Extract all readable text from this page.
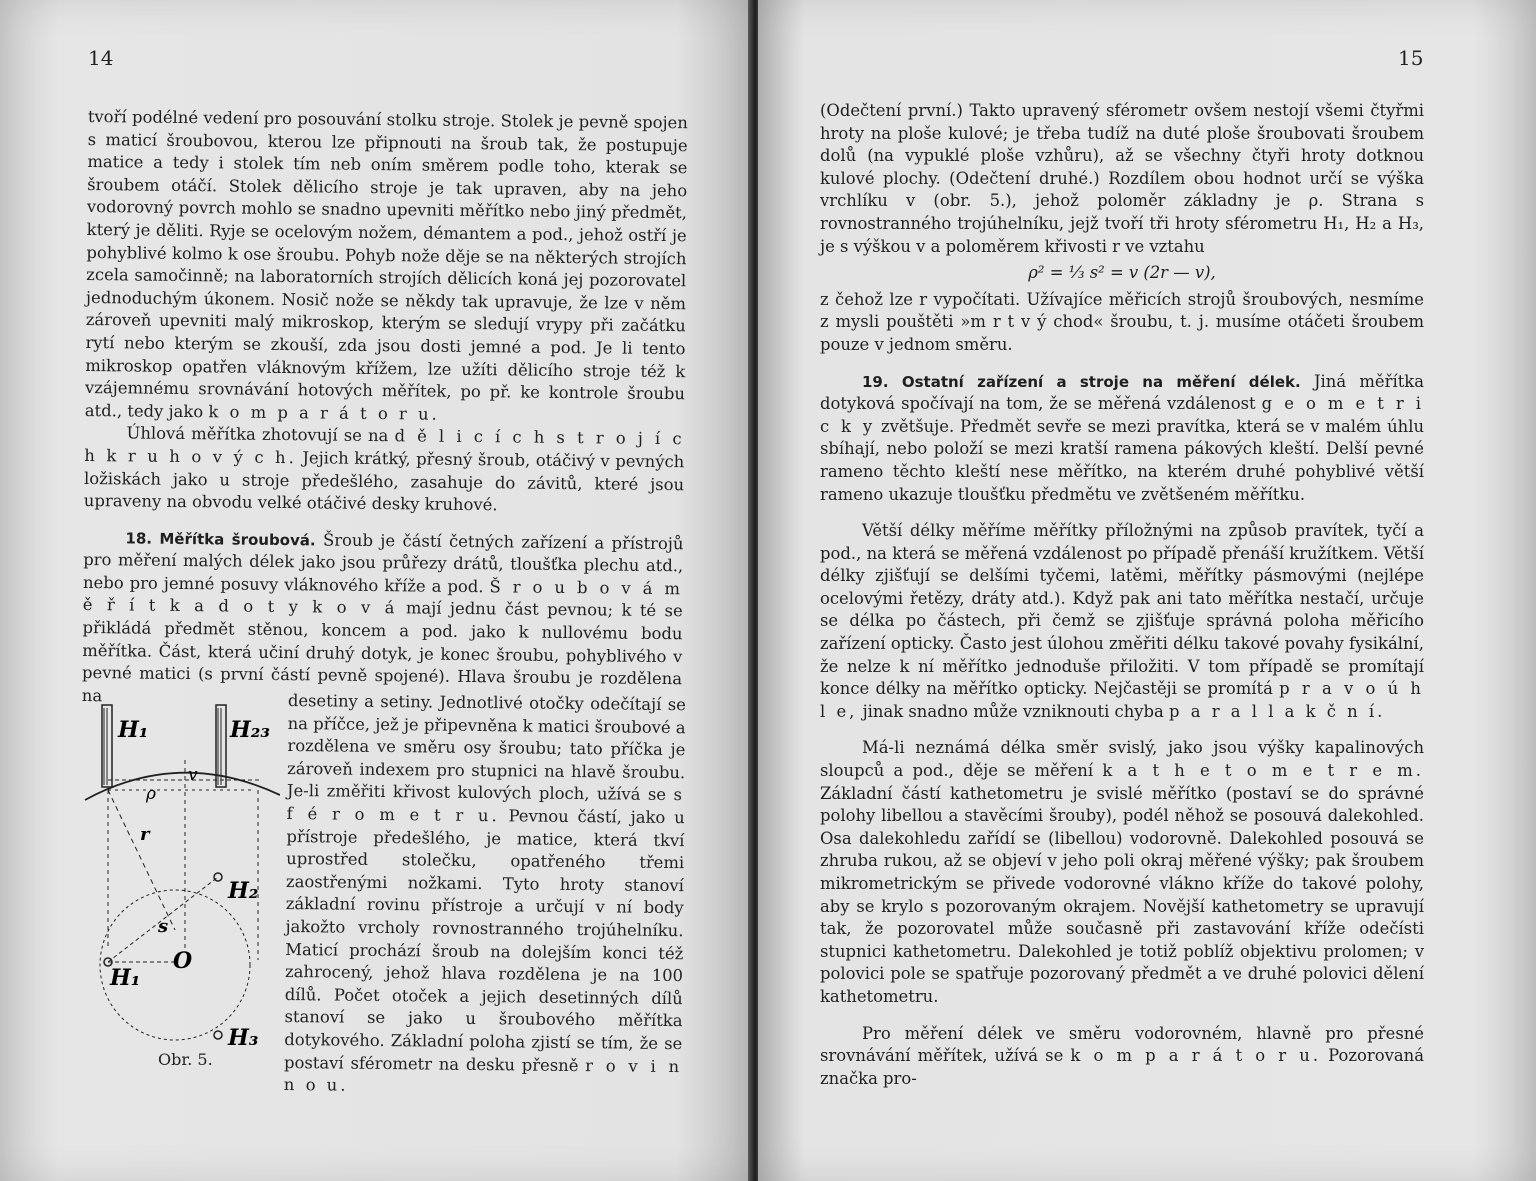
14

tvoří podélné vedení pro posouvání stolku stroje. Stolek je pevně spojen s maticí šroubovou, kterou lze připnouti na šroub tak, že postupuje matice a tedy i stolek tím neb oním směrem podle toho, kterak se šroubem otáčí. Stolek dělicího stroje je tak upraven, aby na jeho vodorovný povrch mohlo se snadno upevniti měřítko nebo jiný předmět, který je děliti. Ryje se ocelovým nožem, démantem a pod., jehož ostří je pohyblivé kolmo k ose šroubu. Pohyb nože děje se na některých strojích zcela samočinně; na laboratorních strojích dělicích koná jej pozorovatel jednoduchým úkonem. Nosič nože se někdy tak upravuje, že lze v něm zároveň upevniti malý mikroskop, kterým se sledují vrypy při začátku rytí nebo kterým se zkouší, zda jsou dosti jemné a pod. Je li tento mikroskop opatřen vláknovým křížem, lze užíti dělicího stroje též k vzájemnému srovnávání hotových měřítek, po př. ke kontrole šroubu atd., tedy jako k o m p a r á t o r u.

Úhlová měřítka zhotovují se na d ě l i c í c h s t r o j í c h k r u h o v ý c h. Jejich krátký, přesný šroub, otáčivý v pevných ložiskách jako u stroje předešlého, zasahuje do závitů, které jsou upraveny na obvodu velké otáčivé desky kruhové.

18. Měřítka šroubová. Šroub je částí četných zařízení a přístrojů pro měření malých délek jako jsou průřezy drátů, tloušťka plechu atd., nebo pro jemné posuvy vláknového kříže a pod. Š r o u b o v á m ě ř í t k a d o t y k o v á mají jednu část pevnou; k té se přikládá předmět stěnou, koncem a pod. jako k nullovému bodu měřítka. Část, která učiní druhý dotyk, je konec šroubu, pohyblivého v pevné matici (s první částí pevně spojené). Hlava šroubu je rozdělena na	desetiny a setiny. Jednotlivé otočky odečítají se na příčce, jež je připevněna k matici šroubové a rozdělena ve směru osy šroubu; tato příčka je zároveň indexem pro stupnici na hlavě šroubu. Je-li změřiti křivost kulových ploch, užívá se s f é r o m e t r u. Pevnou částí, jako u přístroje předešlého, je matice, která tkví uprostřed stolečku, opatřeného třemi zaostřenými nožkami. Tyto hroty stanoví základní rovinu přístroje a určují v ní body jakožto vrcholy rovnostranného trojúhelníku. Maticí prochází šroub na dolejším konci též zahrocený, jehož hlava rozdělena je na 100 dílů. Počet otoček a jejich desetinných dílů stanoví se jako u šroubového měřítka dotykového. Základní poloha zjistí se tím, že se postaví sférometr na desku přesně r o v i n n o u.
H₁	H₂₃
v
ρ
r
s
O
H₂
H₁
H₃
Obr. 5.
15

(Odečtení první.) Takto upravený sférometr ovšem nestojí všemi čtyřmi hroty na ploše kulové; je třeba tudíž na duté ploše šroubovati šroubem dolů (na vypuklé ploše vzhůru), až se všechny čtyři hroty dotknou kulové plochy. (Odečtení druhé.) Rozdílem obou hodnot určí se výška vrchlíku v (obr. 5.), jehož poloměr základny je ρ. Strana s rovnostranného trojúhelníku, jejž tvoří tři hroty sférometru H₁, H₂ a H₃, je s výškou v a poloměrem křivosti r ve vztahu

ρ² = ⅓ s² = v (2r — v),

z čehož lze r vypočítati. Užívajíce měřicích strojů šroubových, nesmíme z mysli pouštěti »m r t v ý chod« šroubu, t. j. musíme otáčeti šroubem pouze v jednom směru.

19. Ostatní zařízení a stroje na měření délek. Jiná měřítka dotyková spočívají na tom, že se měřená vzdálenost g e o m e t r i c k y zvětšuje. Předmět sevře se mezi pravítka, která se v malém úhlu sbíhají, nebo položí se mezi kratší ramena pákových kleští. Delší pevné rameno těchto kleští nese měřítko, na kterém druhé pohyblivé větší rameno ukazuje tloušťku předmětu ve zvětšeném měřítku.

Větší délky měříme měřítky příložnými na způsob pravítek, tyčí a pod., na která se měřená vzdálenost po případě přenáší kružítkem. Větší délky zjišťují se delšími tyčemi, latěmi, měřítky pásmovými (nejlépe ocelovými řetězy, dráty atd.). Když pak ani tato měřítka nestačí, určuje se délka po částech, při čemž se zjišťuje správná poloha měřicího zařízení opticky. Často jest úlohou změřiti délku takové povahy fysikální, že nelze k ní měřítko jednoduše přiložiti. V tom případě se promítají konce délky na měřítko opticky. Nejčastěji se promítá p r a v o ú h l e, jinak snadno může vzniknouti chyba p a r a l l a k č n í.

Má-li neznámá délka směr svislý, jako jsou výšky kapalinových sloupců a pod., děje se měření k a t h e t o m e t r e m. Základní částí kathetometru je svislé měřítko (postaví se do správné polohy libellou a stavěcími šrouby), podél něhož se posouvá dalekohled. Osa dalekohledu zařídí se (libellou) vodorovně. Dalekohled posouvá se zhruba rukou, až se objeví v jeho poli okraj měřené výšky; pak šroubem mikrometrickým se přivede vodorovné vlákno kříže do takové polohy, aby se krylo s pozorovaným okrajem. Novější kathetometry se upravují tak, že pozorovatel může současně při zastavování kříže odečísti stupnici kathetometru. Dalekohled je totiž poblíž objektivu prolomen; v polovici pole se spatřuje pozorovaný předmět a ve druhé polovici dělení kathetometru.

Pro měření délek ve směru vodorovném, hlavně pro přesné srovnávání měřítek, užívá se k o m p a r á t o r u. Pozorovaná značka pro-
